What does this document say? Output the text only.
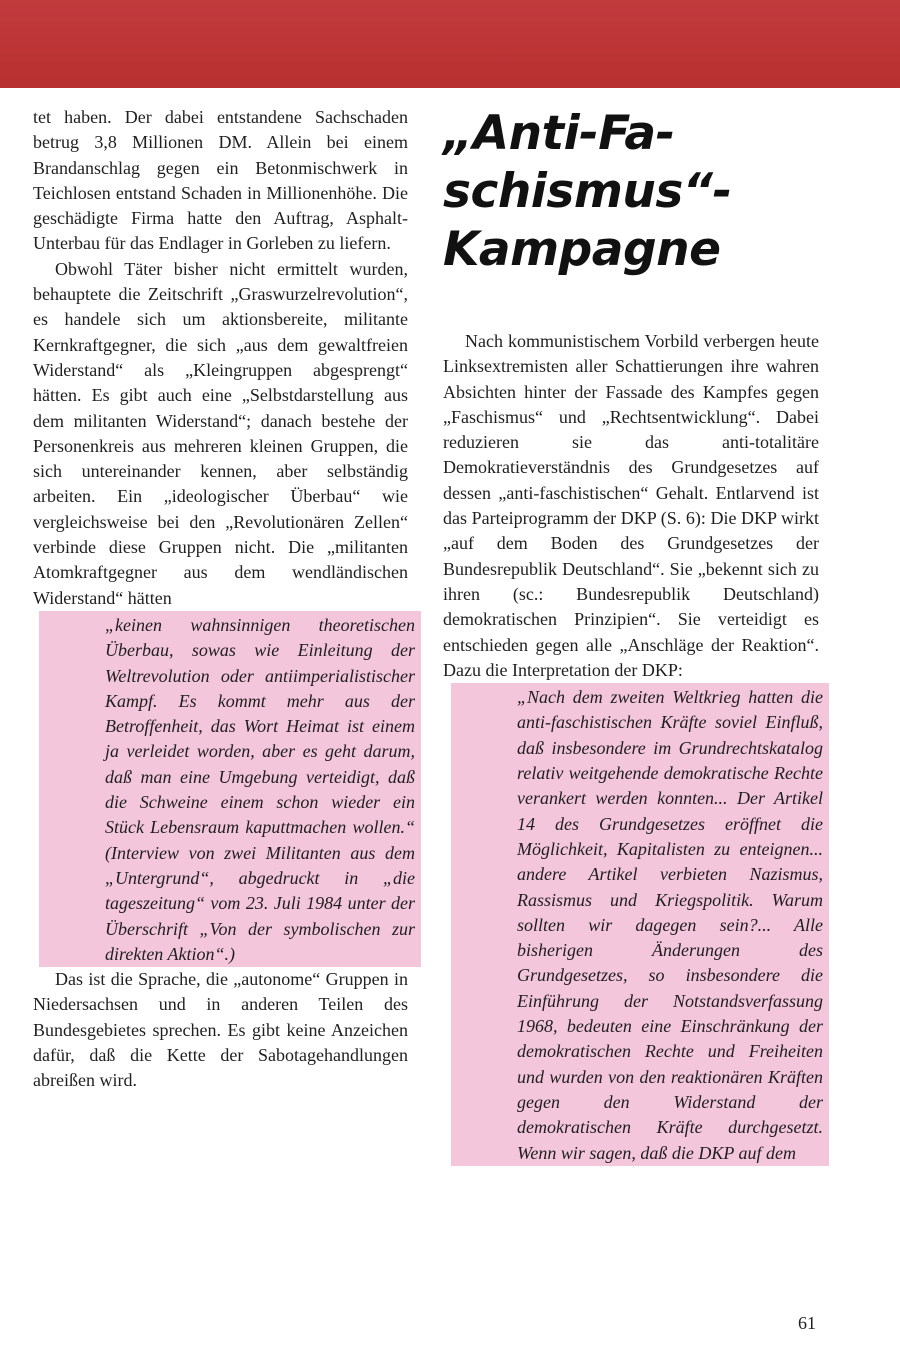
tet haben. Der dabei entstandene Sachschaden betrug 3,8 Millionen DM. Allein bei einem Brandanschlag gegen ein Betonmischwerk in Teichlosen entstand Schaden in Millionenhöhe. Die geschädigte Firma hatte den Auftrag, Asphalt-Unterbau für das Endlager in Gorleben zu liefern.

Obwohl Täter bisher nicht ermittelt wurden, behauptete die Zeitschrift „Graswurzelrevolution“, es handele sich um aktionsbereite, militante Kernkraftgegner, die sich „aus dem gewaltfreien Widerstand“ als „Kleingruppen abgesprengt“ hätten. Es gibt auch eine „Selbstdarstellung aus dem militanten Widerstand“; danach bestehe der Personenkreis aus mehreren kleinen Gruppen, die sich untereinander kennen, aber selbständig arbeiten. Ein „ideologischer Überbau“ wie vergleichsweise bei den „Revolutionären Zellen“ verbinde diese Gruppen nicht. Die „militanten Atomkraftgegner aus dem wendländischen Widerstand“ hätten

„keinen wahnsinnigen theoretischen Überbau, sowas wie Einleitung der Weltrevolution oder antiimperialistischer Kampf. Es kommt mehr aus der Betroffenheit, das Wort Heimat ist einem ja verleidet worden, aber es geht darum, daß man eine Umgebung verteidigt, daß die Schweine einem schon wieder ein Stück Lebensraum kaputtmachen wollen.“ (Interview von zwei Militanten aus dem „Untergrund“, abgedruckt in „die tageszeitung“ vom 23. Juli 1984 unter der Überschrift „Von der symbolischen zur direkten Aktion“.)

Das ist die Sprache, die „autonome“ Gruppen in Niedersachsen und in anderen Teilen des Bundesgebietes sprechen. Es gibt keine Anzeichen dafür, daß die Kette der Sabotagehandlungen abreißen wird.

„Anti-Fa-
schismus“-
Kampagne

Nach kommunistischem Vorbild verbergen heute Linksextremisten aller Schattierungen ihre wahren Absichten hinter der Fassade des Kampfes gegen „Faschismus“ und „Rechtsentwicklung“. Dabei reduzieren sie das anti-totalitäre Demokratieverständnis des Grundgesetzes auf dessen „anti-faschistischen“ Gehalt. Entlarvend ist das Parteiprogramm der DKP (S. 6): Die DKP wirkt „auf dem Boden des Grundgesetzes der Bundesrepublik Deutschland“. Sie „bekennt sich zu ihren (sc.: Bundesrepublik Deutschland) demokratischen Prinzipien“. Sie verteidigt es entschieden gegen alle „Anschläge der Reaktion“. Dazu die Interpretation der DKP:

„Nach dem zweiten Weltkrieg hatten die anti-faschistischen Kräfte soviel Einfluß, daß insbesondere im Grundrechtskatalog relativ weitgehende demokratische Rechte verankert werden konnten... Der Artikel 14 des Grundgesetzes eröffnet die Möglichkeit, Kapitalisten zu enteignen... andere Artikel verbieten Nazismus, Rassismus und Kriegspolitik. Warum sollten wir dagegen sein?... Alle bisherigen Änderungen des Grundgesetzes, so insbesondere die Einführung der Notstandsverfassung 1968, bedeuten eine Einschränkung der demokratischen Rechte und Freiheiten und wurden von den reaktionären Kräften gegen den Widerstand der demokratischen Kräfte durchgesetzt. Wenn wir sagen, daß die DKP auf dem
61
